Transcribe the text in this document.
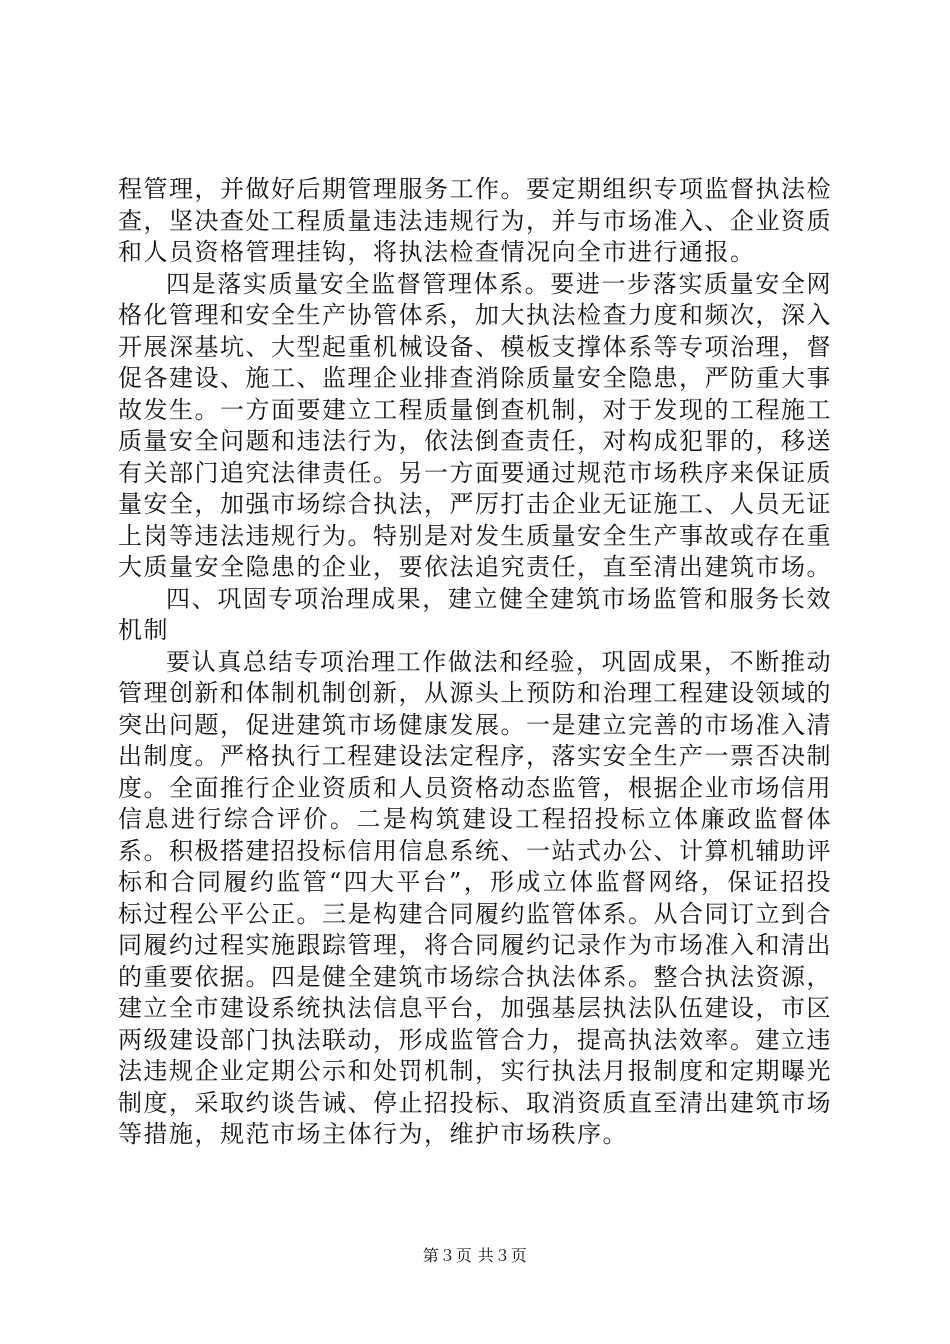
程管理，并做好后期管理服务工作。要定期组织专项监督执法检查，坚决查处工程质量违法违规行为，并与市场准入、企业资质和人员资格管理挂钩，将执法检查情况向全市进行通报。

四是落实质量安全监督管理体系。要进一步落实质量安全网格化管理和安全生产协管体系，加大执法检查力度和频次，深入开展深基坑、大型起重机械设备、模板支撑体系等专项治理，督促各建设、施工、监理企业排查消除质量安全隐患，严防重大事故发生。一方面要建立工程质量倒查机制，对于发现的工程施工质量安全问题和违法行为，依法倒查责任，对构成犯罪的，移送有关部门追究法律责任。另一方面要通过规范市场秩序来保证质量安全，加强市场综合执法，严厉打击企业无证施工、人员无证上岗等违法违规行为。特别是对发生质量安全生产事故或存在重大质量安全隐患的企业，要依法追究责任，直至清出建筑市场。

四、巩固专项治理成果，建立健全建筑市场监管和服务长效机制

要认真总结专项治理工作做法和经验，巩固成果，不断推动管理创新和体制机制创新，从源头上预防和治理工程建设领域的突出问题，促进建筑市场健康发展。一是建立完善的市场准入清出制度。严格执行工程建设法定程序，落实安全生产一票否决制度。全面推行企业资质和人员资格动态监管，根据企业市场信用信息进行综合评价。二是构筑建设工程招投标立体廉政监督体系。积极搭建招投标信用信息系统、一站式办公、计算机辅助评标和合同履约监管“四大平台”，形成立体监督网络，保证招投标过程公平公正。三是构建合同履约监管体系。从合同订立到合同履约过程实施跟踪管理，将合同履约记录作为市场准入和清出的重要依据。四是健全建筑市场综合执法体系。整合执法资源，建立全市建设系统执法信息平台，加强基层执法队伍建设，市区两级建设部门执法联动，形成监管合力，提高执法效率。建立违法违规企业定期公示和处罚机制，实行执法月报制度和定期曝光制度，采取约谈告诫、停止招投标、取消资质直至清出建筑市场等措施，规范市场主体行为，维护市场秩序。

第３页 共３页
